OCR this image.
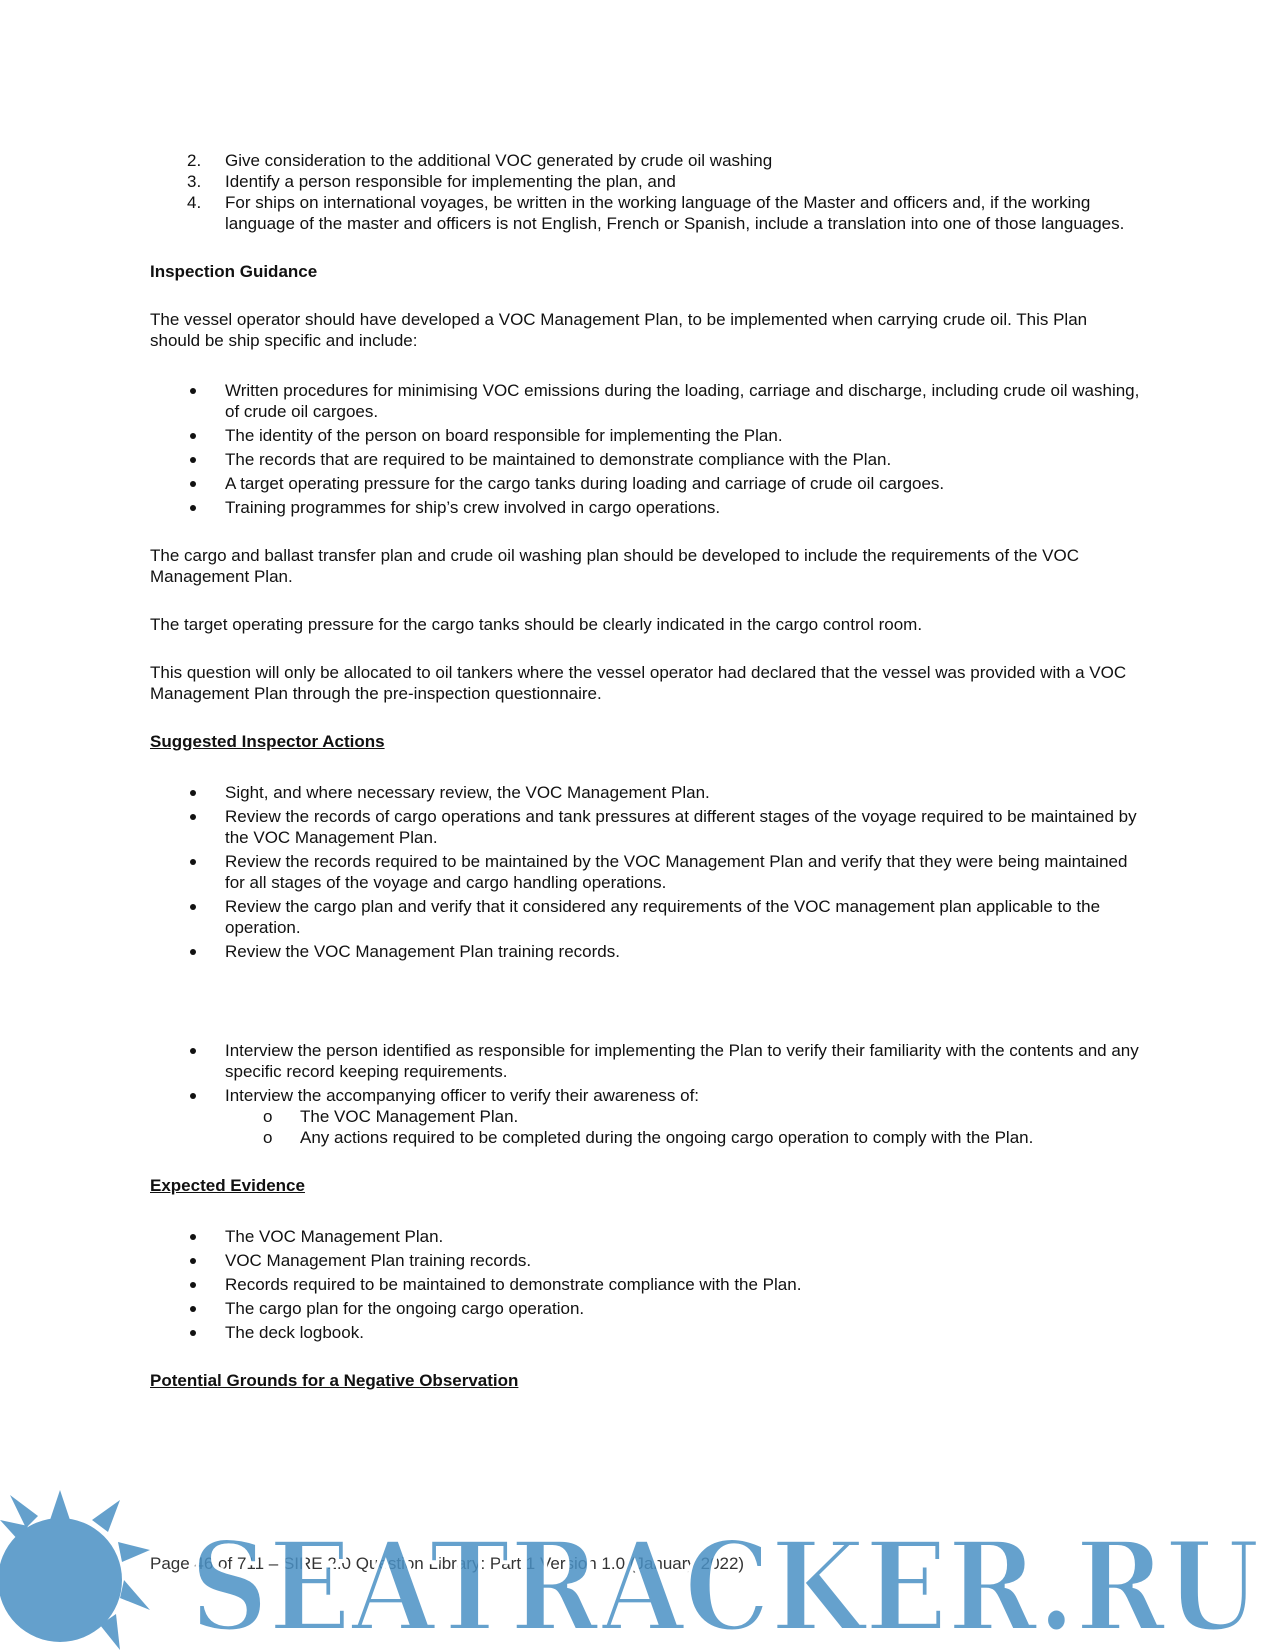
2.	Give consideration to the additional VOC generated by crude oil washing
3.	Identify a person responsible for implementing the plan, and
4.	For ships on international voyages, be written in the working language of the Master and officers and, if the working language of the master and officers is not English, French or Spanish, include a translation into one of those languages.
Inspection Guidance

The vessel operator should have developed a VOC Management Plan, to be implemented when carrying crude oil. This Plan should be ship specific and include:

Written procedures for minimising VOC emissions during the loading, carriage and discharge, including crude oil washing, of crude oil cargoes.
The identity of the person on board responsible for implementing the Plan.
The records that are required to be maintained to demonstrate compliance with the Plan.
A target operating pressure for the cargo tanks during loading and carriage of crude oil cargoes.
Training programmes for ship’s crew involved in cargo operations.

The cargo and ballast transfer plan and crude oil washing plan should be developed to include the requirements of the VOC Management Plan.

The target operating pressure for the cargo tanks should be clearly indicated in the cargo control room.

This question will only be allocated to oil tankers where the vessel operator had declared that the vessel was provided with a VOC Management Plan through the pre-inspection questionnaire.

Suggested Inspector Actions
Sight, and where necessary review, the VOC Management Plan.
Review the records of cargo operations and tank pressures at different stages of the voyage required to be maintained by the VOC Management Plan.
Review the records required to be maintained by the VOC Management Plan and verify that they were being maintained for all stages of the voyage and cargo handling operations.
Review the cargo plan and verify that it considered any requirements of the VOC management plan applicable to the operation.
Review the VOC Management Plan training records.
Interview the person identified as responsible for implementing the Plan to verify their familiarity with the contents and any specific record keeping requirements.
Interview the accompanying officer to verify their awareness of:
o The VOC Management Plan.
o Any actions required to be completed during the ongoing cargo operation to comply with the Plan.
Expected Evidence
The VOC Management Plan.
VOC Management Plan training records.
Records required to be maintained to demonstrate compliance with the Plan.
The cargo plan for the ongoing cargo operation.
The deck logbook.
Potential Grounds for a Negative Observation
Page 46 of 711 – SIRE 2.0 Question Library: Part 1 Version 1.0 (January 2022)
SEATRACKER.RU
